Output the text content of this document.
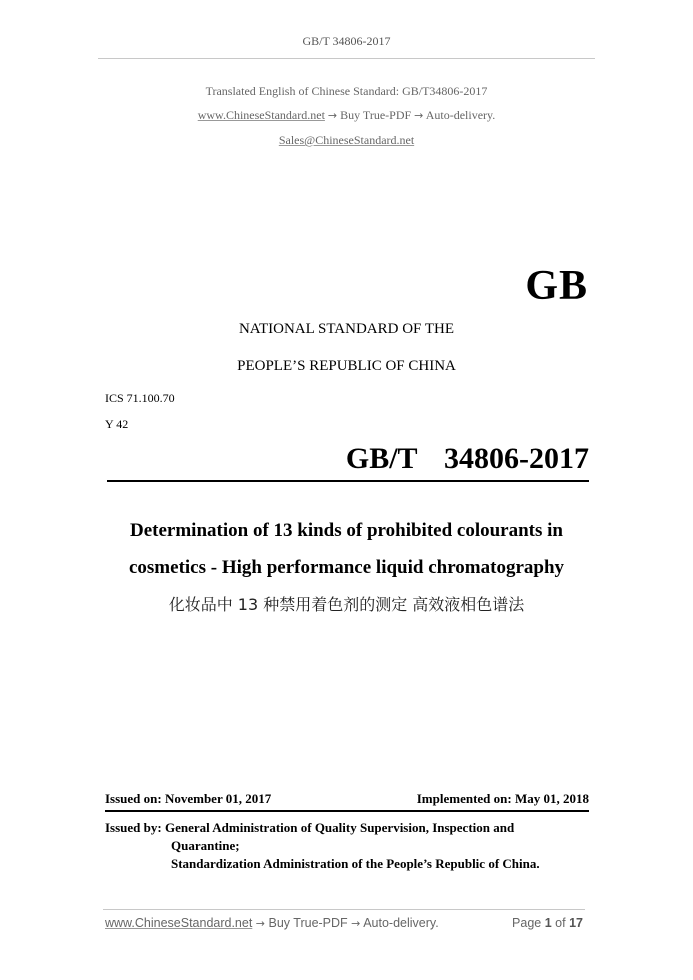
GB/T 34806-2017
Translated English of Chinese Standard: GB/T34806-2017
www.ChineseStandard.net → Buy True-PDF → Auto-delivery.
Sales@ChineseStandard.net
GB
NATIONAL STANDARD OF THE
PEOPLE’S REPUBLIC OF CHINA
ICS 71.100.70
Y 42
GB/T  34806-2017
Determination of 13 kinds of prohibited colourants in
cosmetics - High performance liquid chromatography
化妆品中 13 种禁用着色剂的测定 高效液相色谱法
Issued on: November 01, 2017	Implemented on: May 01, 2018
Issued by: General Administration of Quality Supervision, Inspection and
Quarantine;
Standardization Administration of the People’s Republic of China.
www.ChineseStandard.net → Buy True-PDF → Auto-delivery.	Page 1 of 17
